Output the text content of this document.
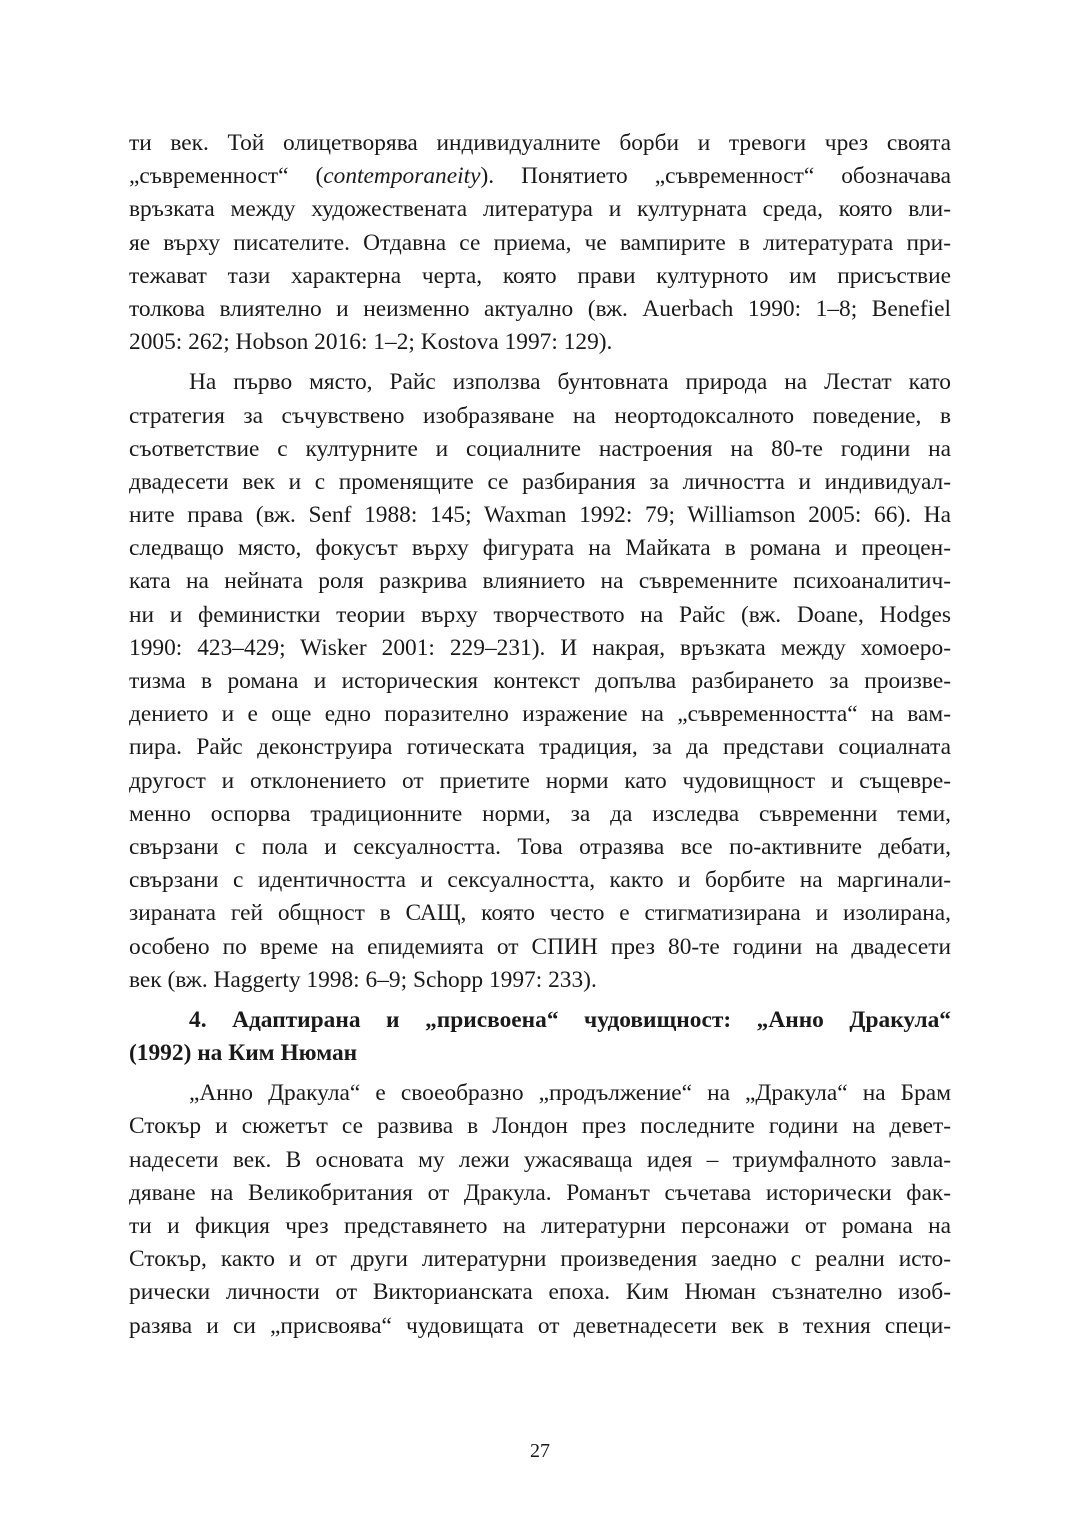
ти век. Той олицетворява индивидуалните борби и тревоги чрез своята
„съвременност“ (contemporaneity). Понятието „съвременност“ обозначава
връзката между художествената литература и културната среда, която вли-
яе върху писателите. Отдавна се приема, че вампирите в литературата при-
тежават тази характерна черта, която прави културното им присъствие
толкова влиятелно и неизменно актуално (вж. Auerbach 1990: 1–8; Benefiel
2005: 262; Hobson 2016: 1–2; Kostova 1997: 129).
На първо място, Райс използва бунтовната природа на Лестат като
стратегия за съчувствено изобразяване на неортодоксалното поведение, в
съответствие с културните и социалните настроения на 80-те години на
двадесети век и с променящите се разбирания за личността и индивидуал-
ните права (вж. Senf 1988: 145; Waxman 1992: 79; Williamson 2005: 66). На
следващо място, фокусът върху фигурата на Майката в романа и преоцен-
ката на нейната роля разкрива влиянието на съвременните психоаналитич-
ни и феминистки теории върху творчеството на Райс (вж. Doane, Hodges
1990: 423–429; Wisker 2001: 229–231). И накрая, връзката между хомоеро-
тизма в романа и историческия контекст допълва разбирането за произве-
дението и е още едно поразително изражение на „съвременността“ на вам-
пира. Райс деконструира готическата традиция, за да представи социалната
другост и отклонението от приетите норми като чудовищност и същевре-
менно оспорва традиционните норми, за да изследва съвременни теми,
свързани с пола и сексуалността. Това отразява все по-активните дебати,
свързани с идентичността и сексуалността, както и борбите на маргинали-
зираната гей общност в САЩ, която често е стигматизирана и изолирана,
особено по време на епидемията от СПИН през 80-те години на двадесети
век (вж. Haggerty 1998: 6–9; Schopp 1997: 233).
4. Адаптирана и „присвоена“ чудовищност: „Анно Дракула“
(1992) на Ким Нюман
„Анно Дракула“ е своеобразно „продължение“ на „Дракула“ на Брам
Стокър и сюжетът се развива в Лондон през последните години на девет-
надесети век. В основата му лежи ужасяваща идея – триумфалното завла-
дяване на Великобритания от Дракула. Романът съчетава исторически фак-
ти и фикция чрез представянето на литературни персонажи от романа на
Стокър, както и от други литературни произведения заедно с реални исто-
рически личности от Викторианската епоха. Ким Нюман съзнателно изоб-
разява и си „присвоява“ чудовищата от деветнадесети век в техния специ-
27
